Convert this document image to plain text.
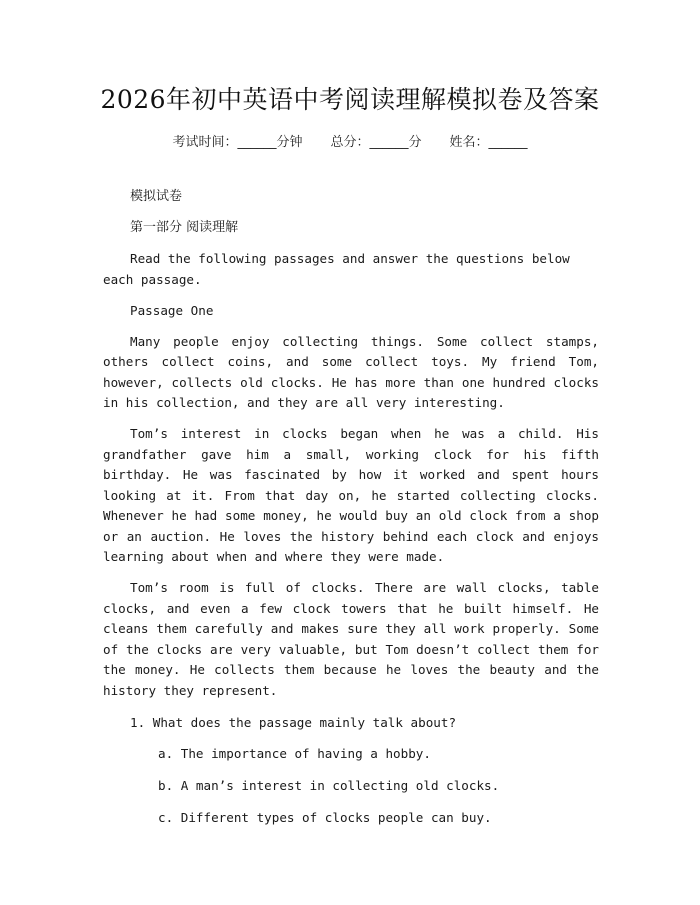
2026年初中英语中考阅读理解模拟卷及答案
考试时间：______分钟 总分：______分 姓名：______

模拟试卷

第一部分 阅读理解

Read the following passages and answer the questions below each passage.

Passage One

Many people enjoy collecting things. Some collect stamps, others collect coins, and some collect toys. My friend Tom, however, collects old clocks. He has more than one hundred clocks in his collection, and they are all very interesting.

Tom’s interest in clocks began when he was a child. His grandfather gave him a small, working clock for his fifth birthday. He was fascinated by how it worked and spent hours looking at it. From that day on, he started collecting clocks. Whenever he had some money, he would buy an old clock from a shop or an auction. He loves the history behind each clock and enjoys learning about when and where they were made.

Tom’s room is full of clocks. There are wall clocks, table clocks, and even a few clock towers that he built himself. He cleans them carefully and makes sure they all work properly. Some of the clocks are very valuable, but Tom doesn’t collect them for the money. He collects them because he loves the beauty and the history they represent.

1. What does the passage mainly talk about?

a. The importance of having a hobby.

b. A man’s interest in collecting old clocks.

c. Different types of clocks people can buy.
